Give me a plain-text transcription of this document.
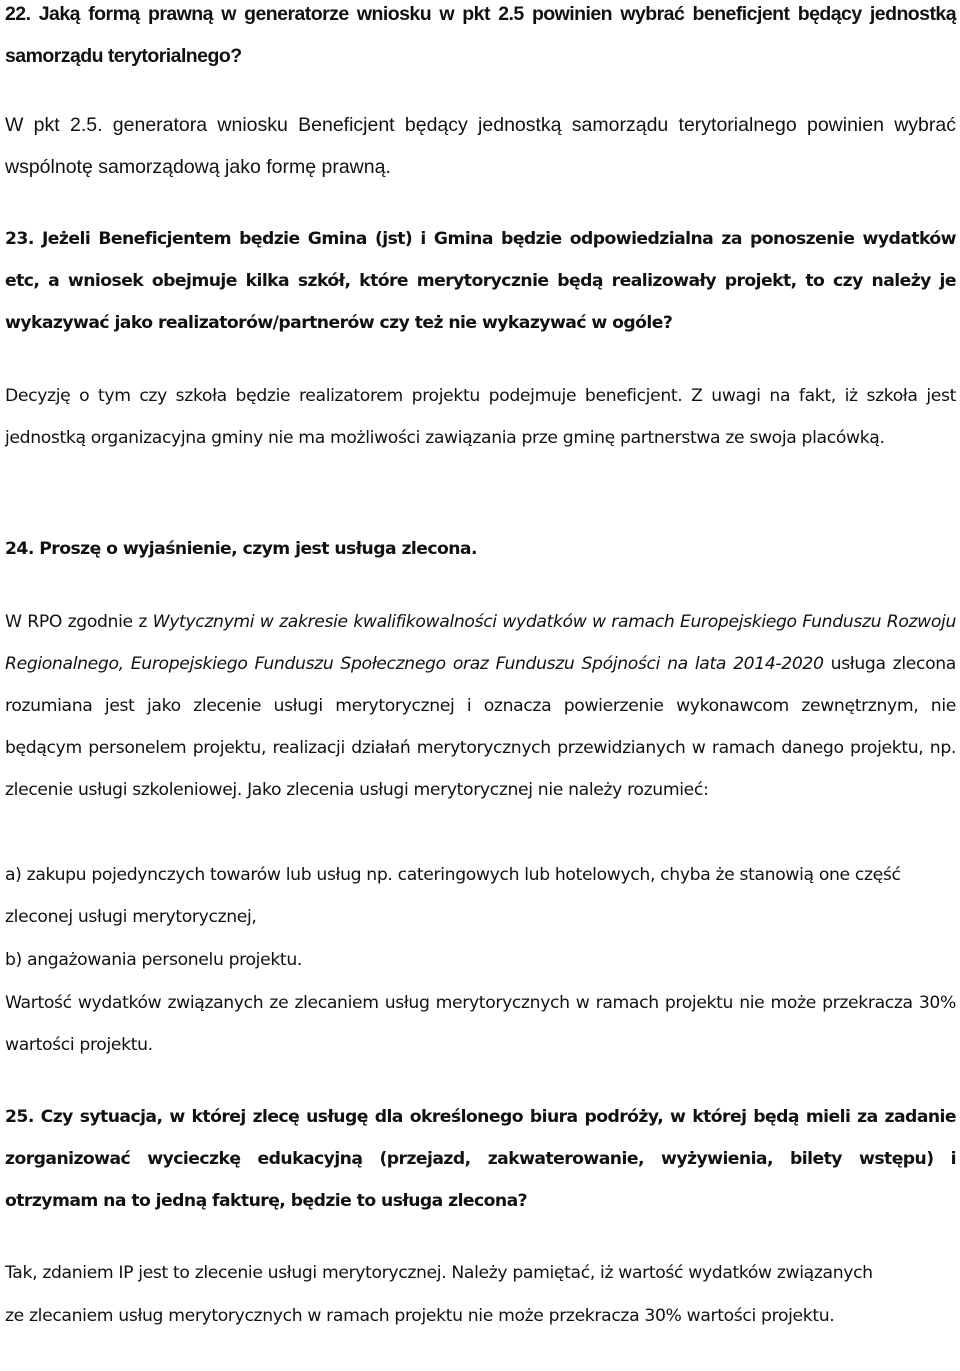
22. Jaką formą prawną w generatorze wniosku w pkt 2.5 powinien wybrać beneficjent będący jednostką samorządu terytorialnego?

W pkt 2.5. generatora wniosku Beneficjent będący jednostką samorządu terytorialnego powinien wybrać wspólnotę samorządową jako formę prawną.

23. Jeżeli Beneficjentem będzie Gmina (jst) i Gmina będzie odpowiedzialna za ponoszenie wydatków etc, a wniosek obejmuje kilka szkół, które merytorycznie będą realizowały projekt, to czy należy je wykazywać jako realizatorów/partnerów czy też nie wykazywać w ogóle?

Decyzję o tym czy szkoła będzie realizatorem projektu podejmuje beneficjent. Z uwagi na fakt, iż szkoła jest jednostką organizacyjna gminy nie ma możliwości zawiązania prze gminę partnerstwa ze swoja placówką.

24. Proszę o wyjaśnienie, czym jest usługa zlecona.

W RPO zgodnie z Wytycznymi w zakresie kwalifikowalności wydatków w ramach Europejskiego Funduszu Rozwoju Regionalnego, Europejskiego Funduszu Społecznego oraz Funduszu Spójności na lata 2014-2020 usługa zlecona rozumiana jest jako zlecenie usługi merytorycznej i oznacza powierzenie wykonawcom zewnętrznym, nie będącym personelem projektu, realizacji działań merytorycznych przewidzianych w ramach danego projektu, np. zlecenie usługi szkoleniowej. Jako zlecenia usługi merytorycznej nie należy rozumieć:

a) zakupu pojedynczych towarów lub usług np. cateringowych lub hotelowych, chyba że stanowią one część zleconej usługi merytorycznej,

b) angażowania personelu projektu.

Wartość wydatków związanych ze zlecaniem usług merytorycznych w ramach projektu nie może przekracza 30% wartości projektu.

25. Czy sytuacja, w której zlecę usługę dla określonego biura podróży, w której będą mieli za zadanie zorganizować wycieczkę edukacyjną (przejazd, zakwaterowanie, wyżywienia, bilety wstępu) i otrzymam na to jedną fakturę, będzie to usługa zlecona?

Tak, zdaniem IP jest to zlecenie usługi merytorycznej. Należy pamiętać, iż wartość wydatków związanych ze zlecaniem usług merytorycznych w ramach projektu nie może przekracza 30% wartości projektu.
